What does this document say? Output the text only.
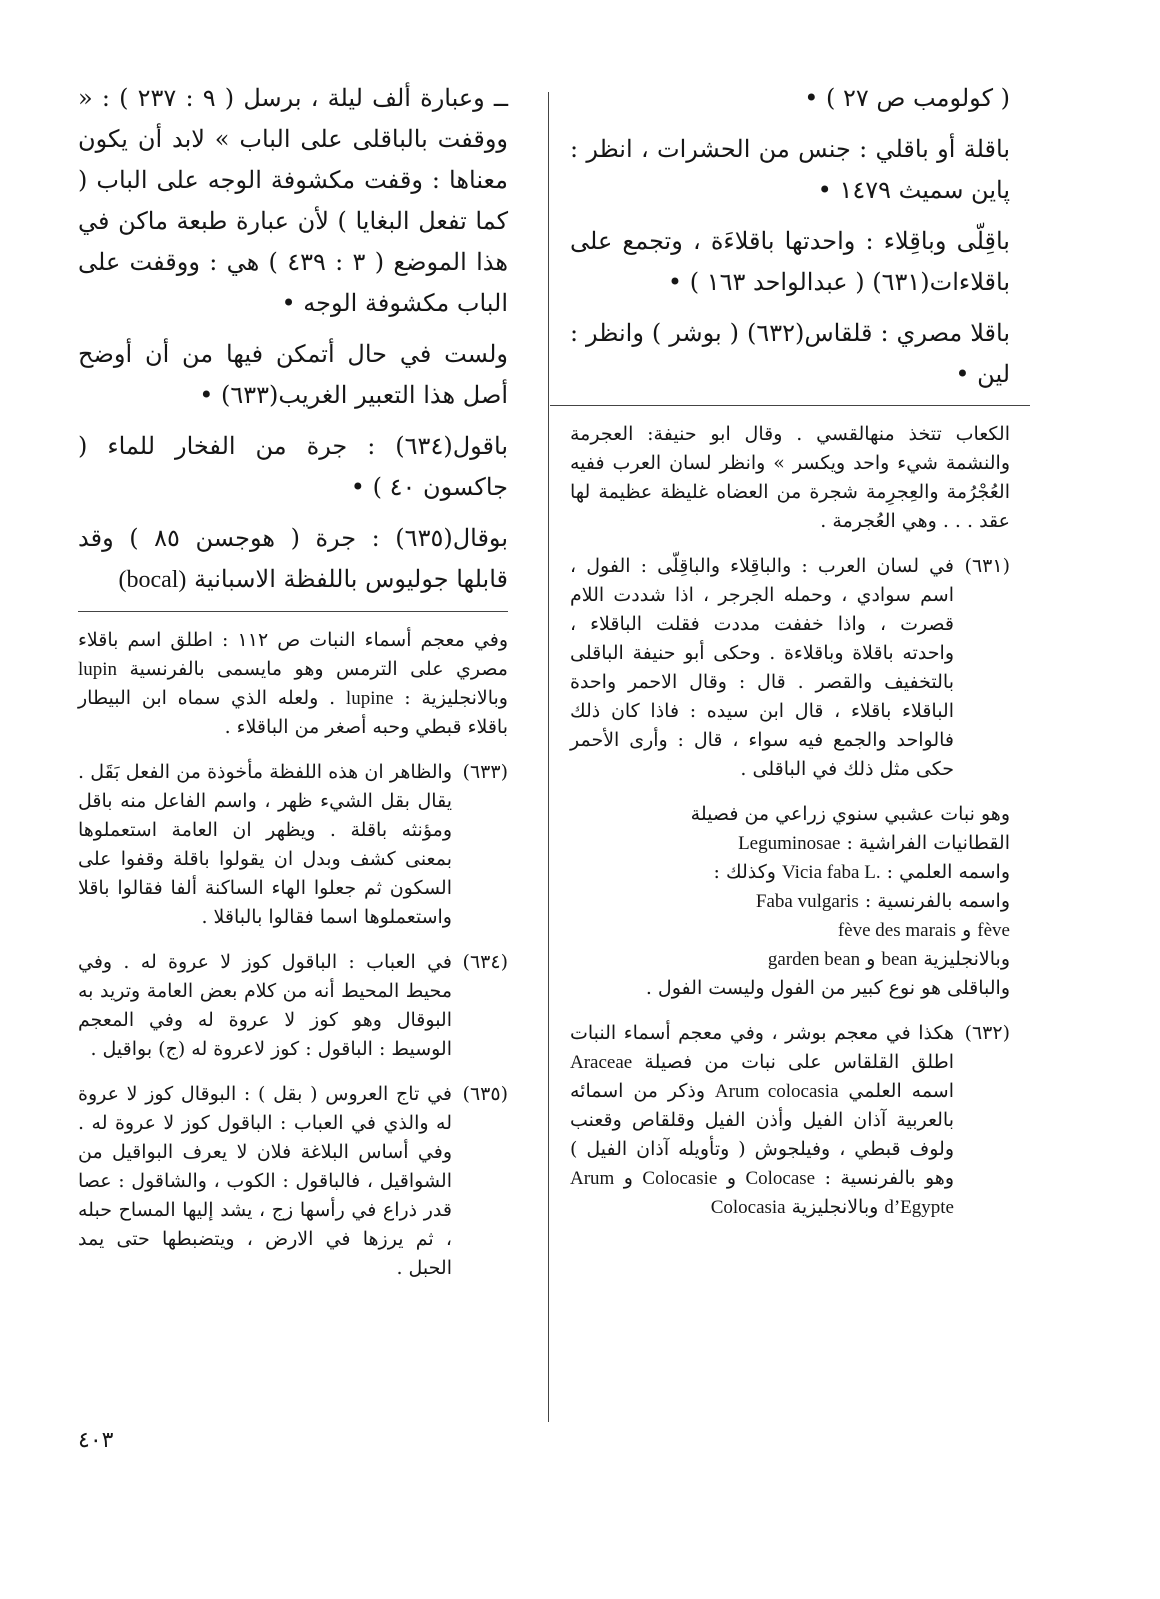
( كولومب ص ٢٧ ) •

باقلة أو باقلي : جنس من الحشرات ، انظر : پاين سميث ١٤٧٩ •

باقِلّى وباقِلاء : واحدتها باقلاءَة ، وتجمع على باقلاءات(٦٣١) ( عبدالواحد ١٦٣ ) •

باقلا مصري : قلقاس(٦٣٢) ( بوشر ) وانظر : لين •

الكعاب تتخذ منهالقسي . وقال ابو حنيفة: العجرمة والنشمة شيء واحد ويكسر » وانظر لسان العرب ففيه العُجْرُمة والعِجرِمة شجرة من العضاه غليظة عظيمة لها عقد . . . وهي العُجرمة .

(٦٣١)
في لسان العرب : والباقِلاء والباقِلّى : الفول ، اسم سوادي ، وحمله الجرجر ، اذا شددت اللام قصرت ، واذا خففت مددت فقلت الباقلاء ، واحدته باقلاة وباقلاءة . وحكى أبو حنيفة الباقلى بالتخفيف والقصر . قال : وقال الاحمر واحدة الباقلاء باقلاء ، قال ابن سيده : فاذا كان ذلك فالواحد والجمع فيه سواء ، قال : وأرى الأحمر حكى مثل ذلك في الباقلى .
وهو نبات عشبي سنوي زراعي من فصيلة
القطانيات الفراشية : Leguminosae
واسمه العلمي : Vicia faba L. وكذلك :
واسمه بالفرنسية : Faba vulgaris
fève و fève des marais
وبالانجليزية bean و garden bean
والباقلى هو نوع كبير من الفول وليست الفول .
(٦٣٢)
هكذا في معجم بوشر ، وفي معجم أسماء النبات اطلق القلقاس على نبات من فصيلة Araceae اسمه العلمي Arum colocasia وذكر من اسمائه بالعربية آذان الفيل وأذن الفيل وقلقاص وقعنب ولوف قبطي ، وفيلجوش ( وتأويله آذان الفيل ) وهو بالفرنسية : Colocase و Colocasie و Arum d’Egypte وبالانجليزية Colocasia

ــ وعبارة ألف ليلة ، برسل ( ٩ : ٢٣٧ ) : « ووقفت بالباقلى على الباب » لابد أن يكون معناها : وقفت مكشوفة الوجه على الباب ( كما تفعل البغايا ) لأن عبارة طبعة ماكن في هذا الموضع ( ٣ : ٤٣٩ ) هي : ووقفت على الباب مكشوفة الوجه •

ولست في حال أتمكن فيها من أن أوضح أصل هذا التعبير الغريب(٦٣٣) •

باقول(٦٣٤) : جرة من الفخار للماء ( جاكسون ٤٠ ) •

بوقال(٦٣٥) : جرة ( هوجسن ٨٥ ) وقد قابلها جوليوس باللفظة الاسبانية (bocal)

وفي معجم أسماء النبات ص ١١٢ : اطلق اسم باقلاء مصري على الترمس وهو مايسمى بالفرنسية lupin وبالانجليزية : lupine . ولعله الذي سماه ابن البيطار باقلاء قبطي وحبه أصغر من الباقلاء .

(٦٣٣)
والظاهر ان هذه اللفظة مأخوذة من الفعل بَقَل . يقال بقل الشيء ظهر ، واسم الفاعل منه باقل ومؤنثه باقلة . ويظهر ان العامة استعملوها بمعنى كشف وبدل ان يقولوا باقلة وقفوا على السكون ثم جعلوا الهاء الساكنة ألفا فقالوا باقلا واستعملوها اسما فقالوا بالباقلا .
(٦٣٤)
في العباب : الباقول كوز لا عروة له . وفي محيط المحيط أنه من كلام بعض العامة وتريد به البوقال وهو كوز لا عروة له وفي المعجم الوسيط : الباقول : كوز لاعروة له (ج) بواقيل .
(٦٣٥)
في تاج العروس ( بقل ) : البوقال كوز لا عروة له والذي في العباب : الباقول كوز لا عروة له . وفي أساس البلاغة فلان لا يعرف البواقيل من الشواقيل ، فالباقول : الكوب ، والشاقول : عصا قدر ذراع في رأسها زج ، يشد إليها المساح حبله ، ثم يرزها في الارض ، ويتضبطها حتى يمد الحبل .
٤٠٣
